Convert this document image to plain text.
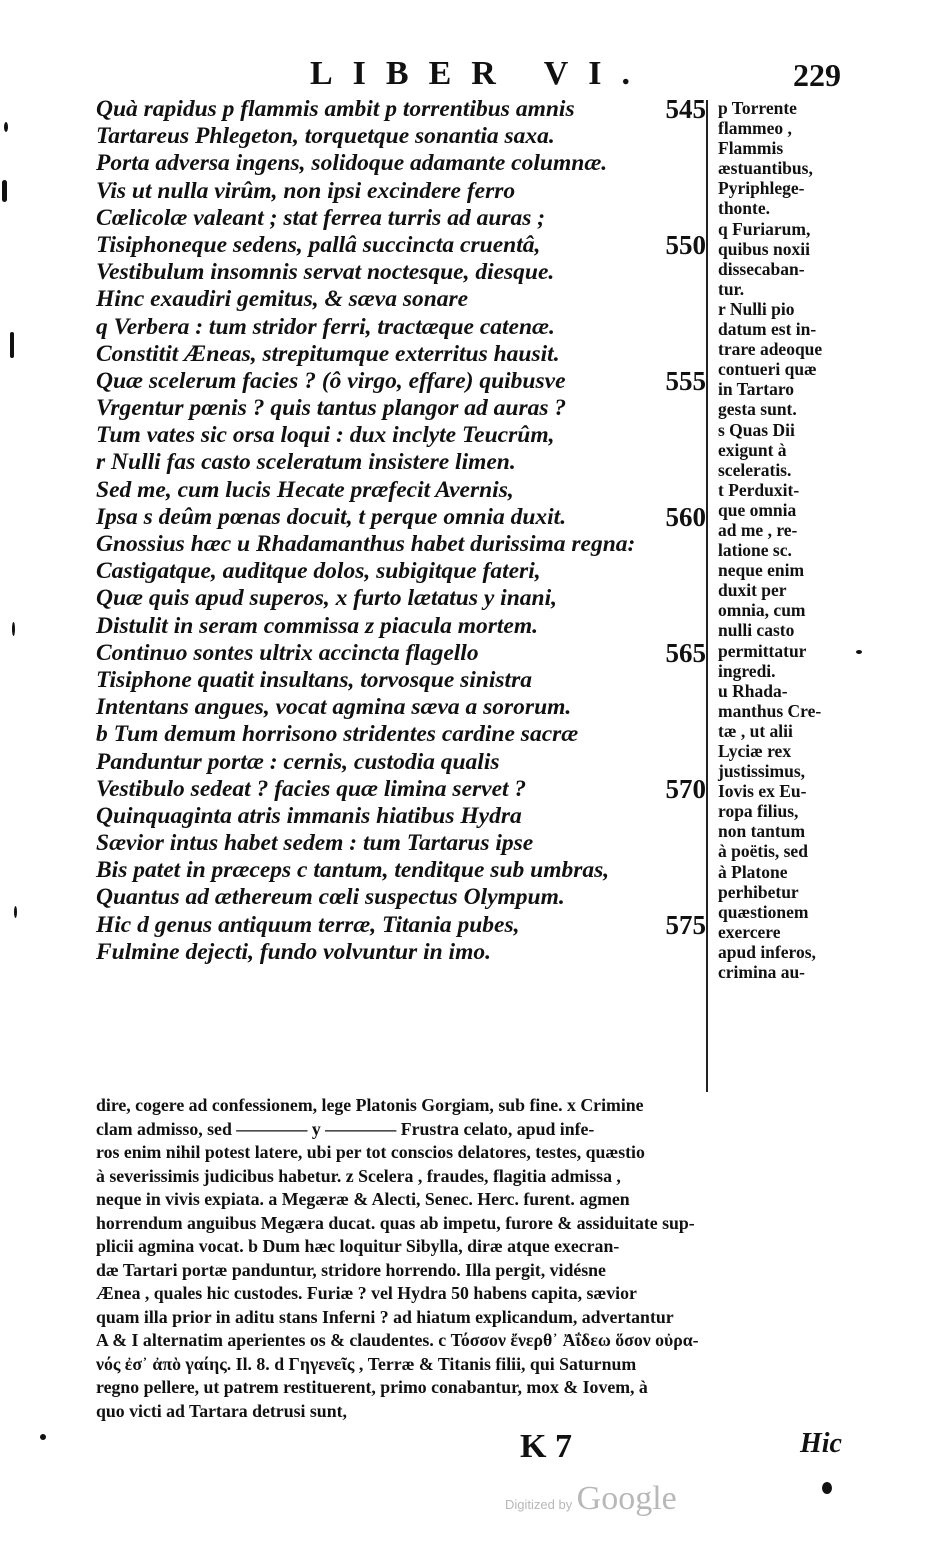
LIBER VI.	229
Quà rapidus p flammis ambit p torrentibus amnis	545
Tartareus Phlegeton, torquetque sonantia saxa.
Porta adversa ingens, solidoque adamante columnæ.
Vis ut nulla virûm, non ipsi excindere ferro
Cœlicolæ valeant ; stat ferrea turris ad auras ;
Tisiphoneque sedens, pallâ succincta cruentâ,	550
Vestibulum insomnis servat noctesque, diesque.
Hinc exaudiri gemitus, & sæva sonare
q Verbera : tum stridor ferri, tractæque catenæ.
Constitit Æneas, strepitumque exterritus hausit.
Quæ scelerum facies ? (ô virgo, effare) quibusve	555
Vrgentur pœnis ? quis tantus plangor ad auras ?
Tum vates sic orsa loqui : dux inclyte Teucrûm,
r Nulli fas casto sceleratum insistere limen.
Sed me, cum lucis Hecate præfecit Avernis,
Ipsa s deûm pœnas docuit, t perque omnia duxit.	560
Gnossius hæc u Rhadamanthus habet durissima regna:
Castigatque, auditque dolos, subigitque fateri,
Quæ quis apud superos, x furto lætatus y inani,
Distulit in seram commissa z piacula mortem.
Continuo sontes ultrix accincta flagello	565
Tisiphone quatit insultans, torvosque sinistra
Intentans angues, vocat agmina sæva a sororum.
b Tum demum horrisono stridentes cardine sacræ
Panduntur portæ : cernis, custodia qualis
Vestibulo sedeat ? facies quæ limina servet ?	570
Quinquaginta atris immanis hiatibus Hydra
Sævior intus habet sedem : tum Tartarus ipse
Bis patet in præceps c tantum, tenditque sub umbras,
Quantus ad æthereum cœli suspectus Olympum.
Hic d genus antiquum terræ, Titania pubes,	575
Fulmine dejecti, fundo volvuntur in imo.
p Torrente
flammeo ,
Flammis
æstuantibus,
Pyriphlege-
thonte.
q Furiarum,
quibus noxii
dissecaban-
tur.
r Nulli pio
datum est in-
trare adeoque
contueri quæ
in Tartaro
gesta sunt.
s Quas Dii
exigunt à
sceleratis.
t Perduxit-
que omnia
ad me , re-
latione sc.
neque enim
duxit per
omnia, cum
nulli casto
permittatur
ingredi.
u Rhada-
manthus Cre-
tæ , ut alii
Lyciæ rex
justissimus,
Iovis ex Eu-
ropa filius,
non tantum
à poëtis, sed
à Platone
perhibetur
quæstionem
exercere
apud inferos,
crimina au-
dire, cogere ad confessionem, lege Platonis Gorgiam, sub fine. x Crimine
clam admisso, sed ———— y ———— Frustra celato, apud infe-
ros enim nihil potest latere, ubi per tot conscios delatores, testes, quæstio
à severissimis judicibus habetur. z Scelera , fraudes, flagitia admissa ,
neque in vivis expiata. a Megæræ & Alecti, Senec. Herc. furent. agmen
horrendum anguibus Megæra ducat. quas ab impetu, furore & assiduitate sup-
plicii agmina vocat. b Dum hæc loquitur Sibylla, diræ atque execran-
dæ Tartari portæ panduntur, stridore horrendo. Illa pergit, vidésne
Ænea , quales hic custodes. Furiæ ? vel Hydra 50 habens capita, sævior
quam illa prior in aditu stans Inferni ? ad hiatum explicandum, advertantur
A & I alternatim aperientes os & claudentes. c Τόσσον ἔνερθ᾽ Ἀΐδεω ὅσον οὐρα-
νός ἐσ᾽ ἀπὸ γαίης. Il. 8. d Γηγενεῖς , Terræ & Titanis filii, qui Saturnum
regno pellere, ut patrem restituerent, primo conabantur, mox & Iovem, à
quo victi ad Tartara detrusi sunt,
K 7	Hic
Digitized by Google
